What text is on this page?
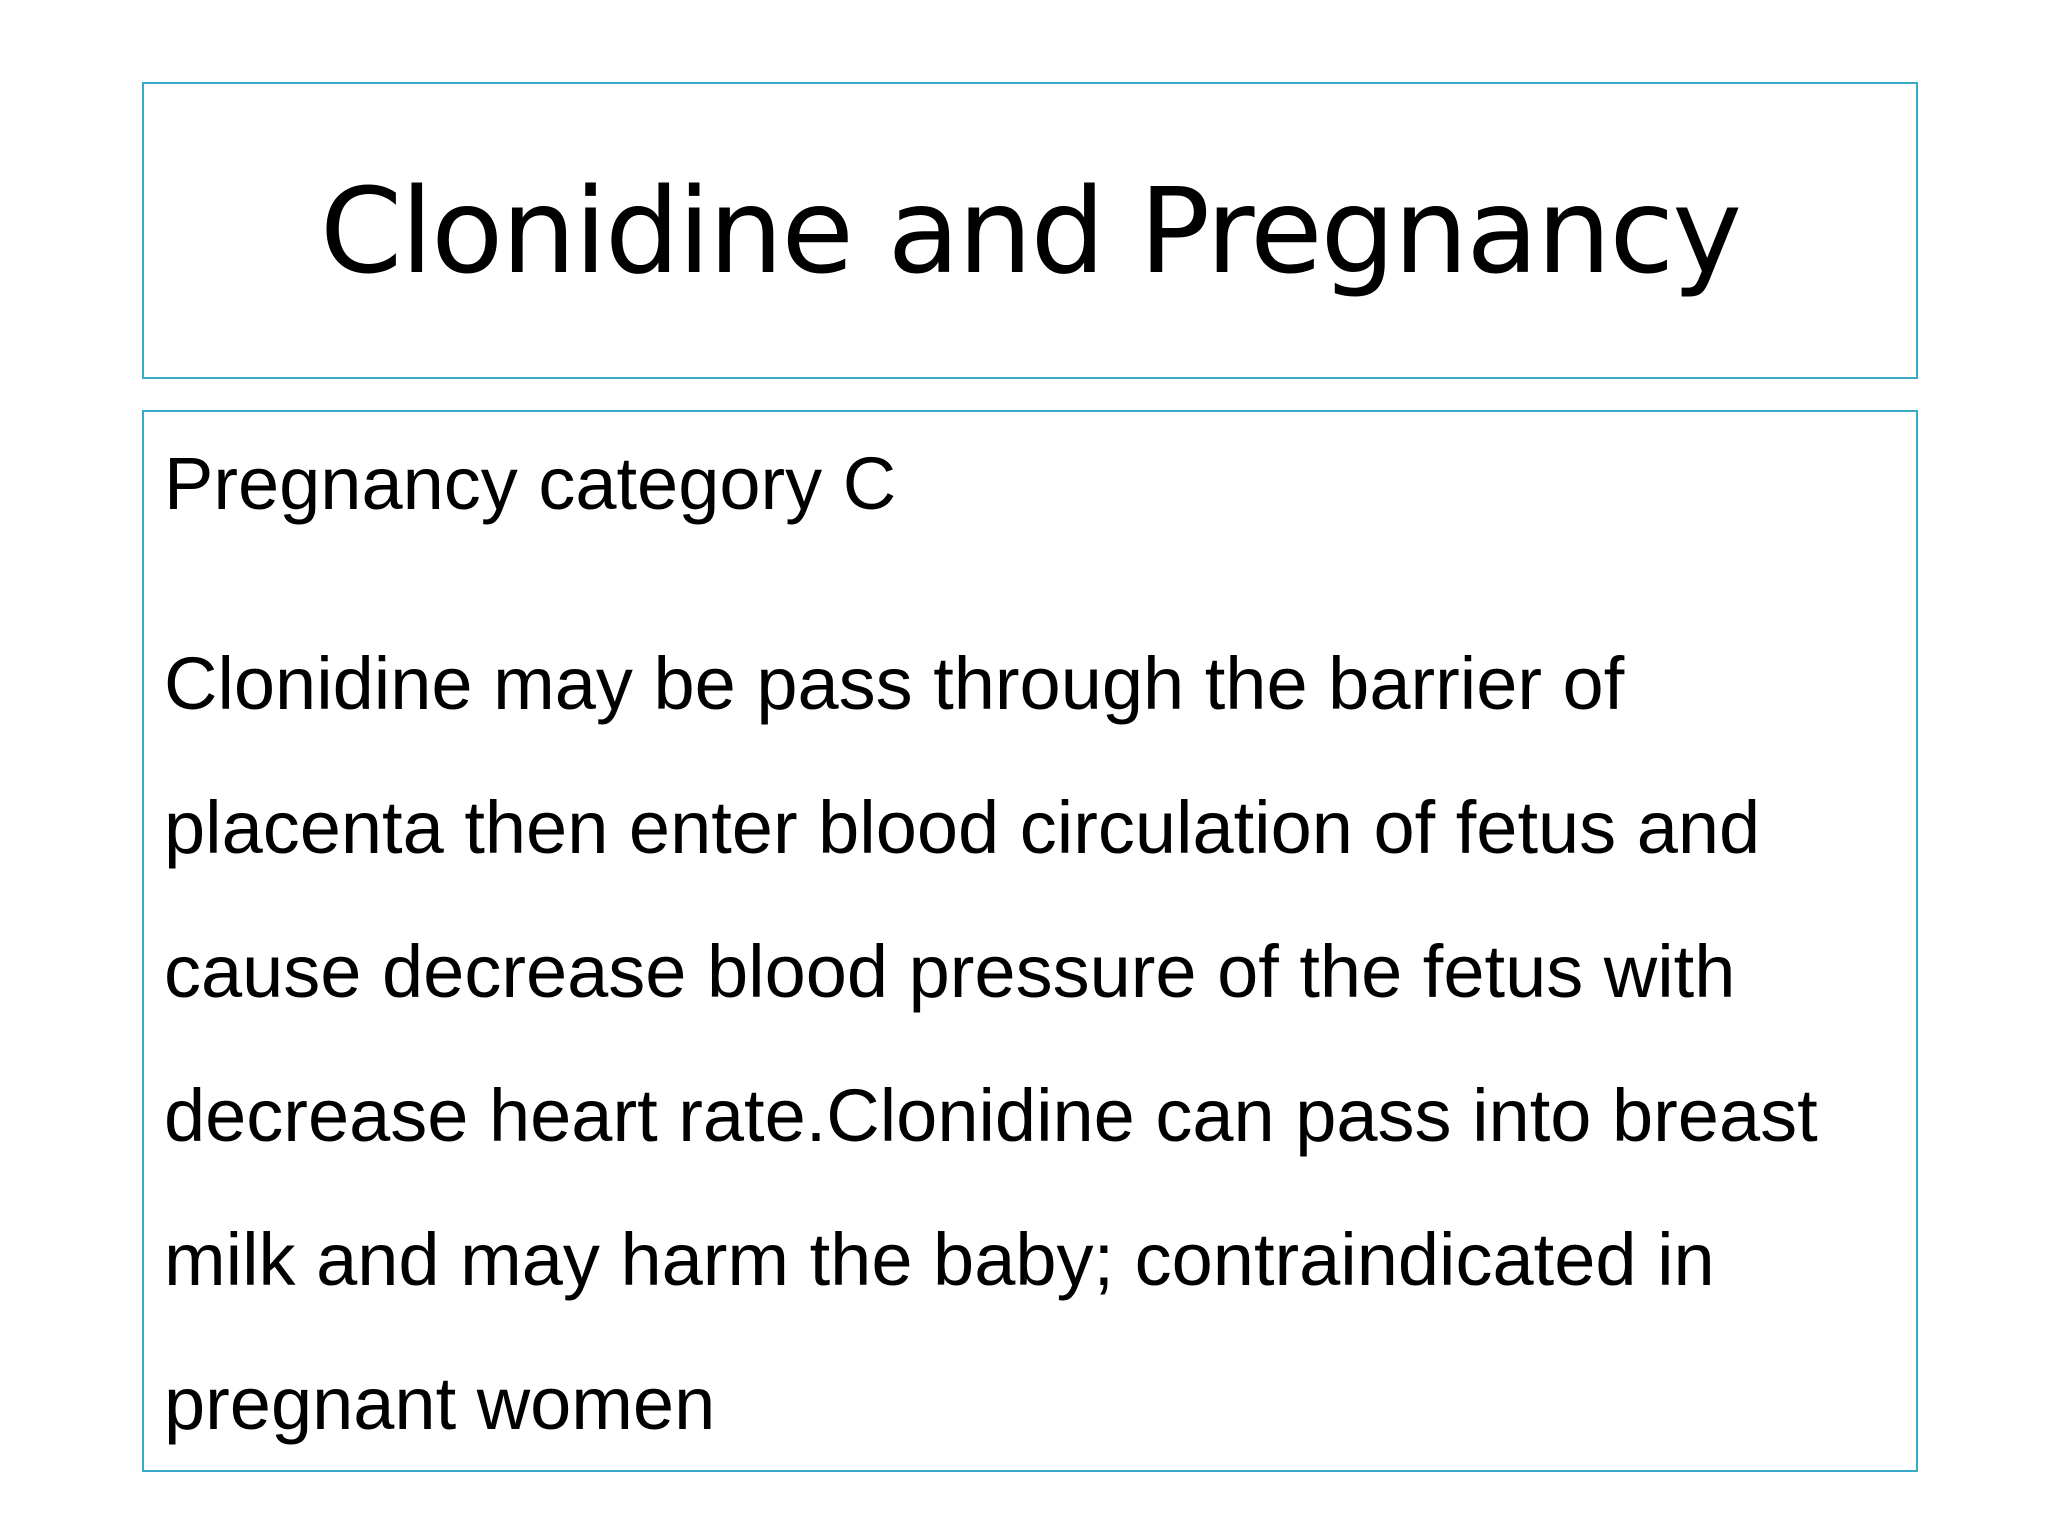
Clonidine and Pregnancy

Pregnancy category C

Clonidine may be pass through the barrier of placenta then enter blood circulation of fetus and cause decrease blood pressure of the fetus with decrease heart rate.Clonidine can pass into breast milk and may harm the baby; contraindicated in pregnant women
